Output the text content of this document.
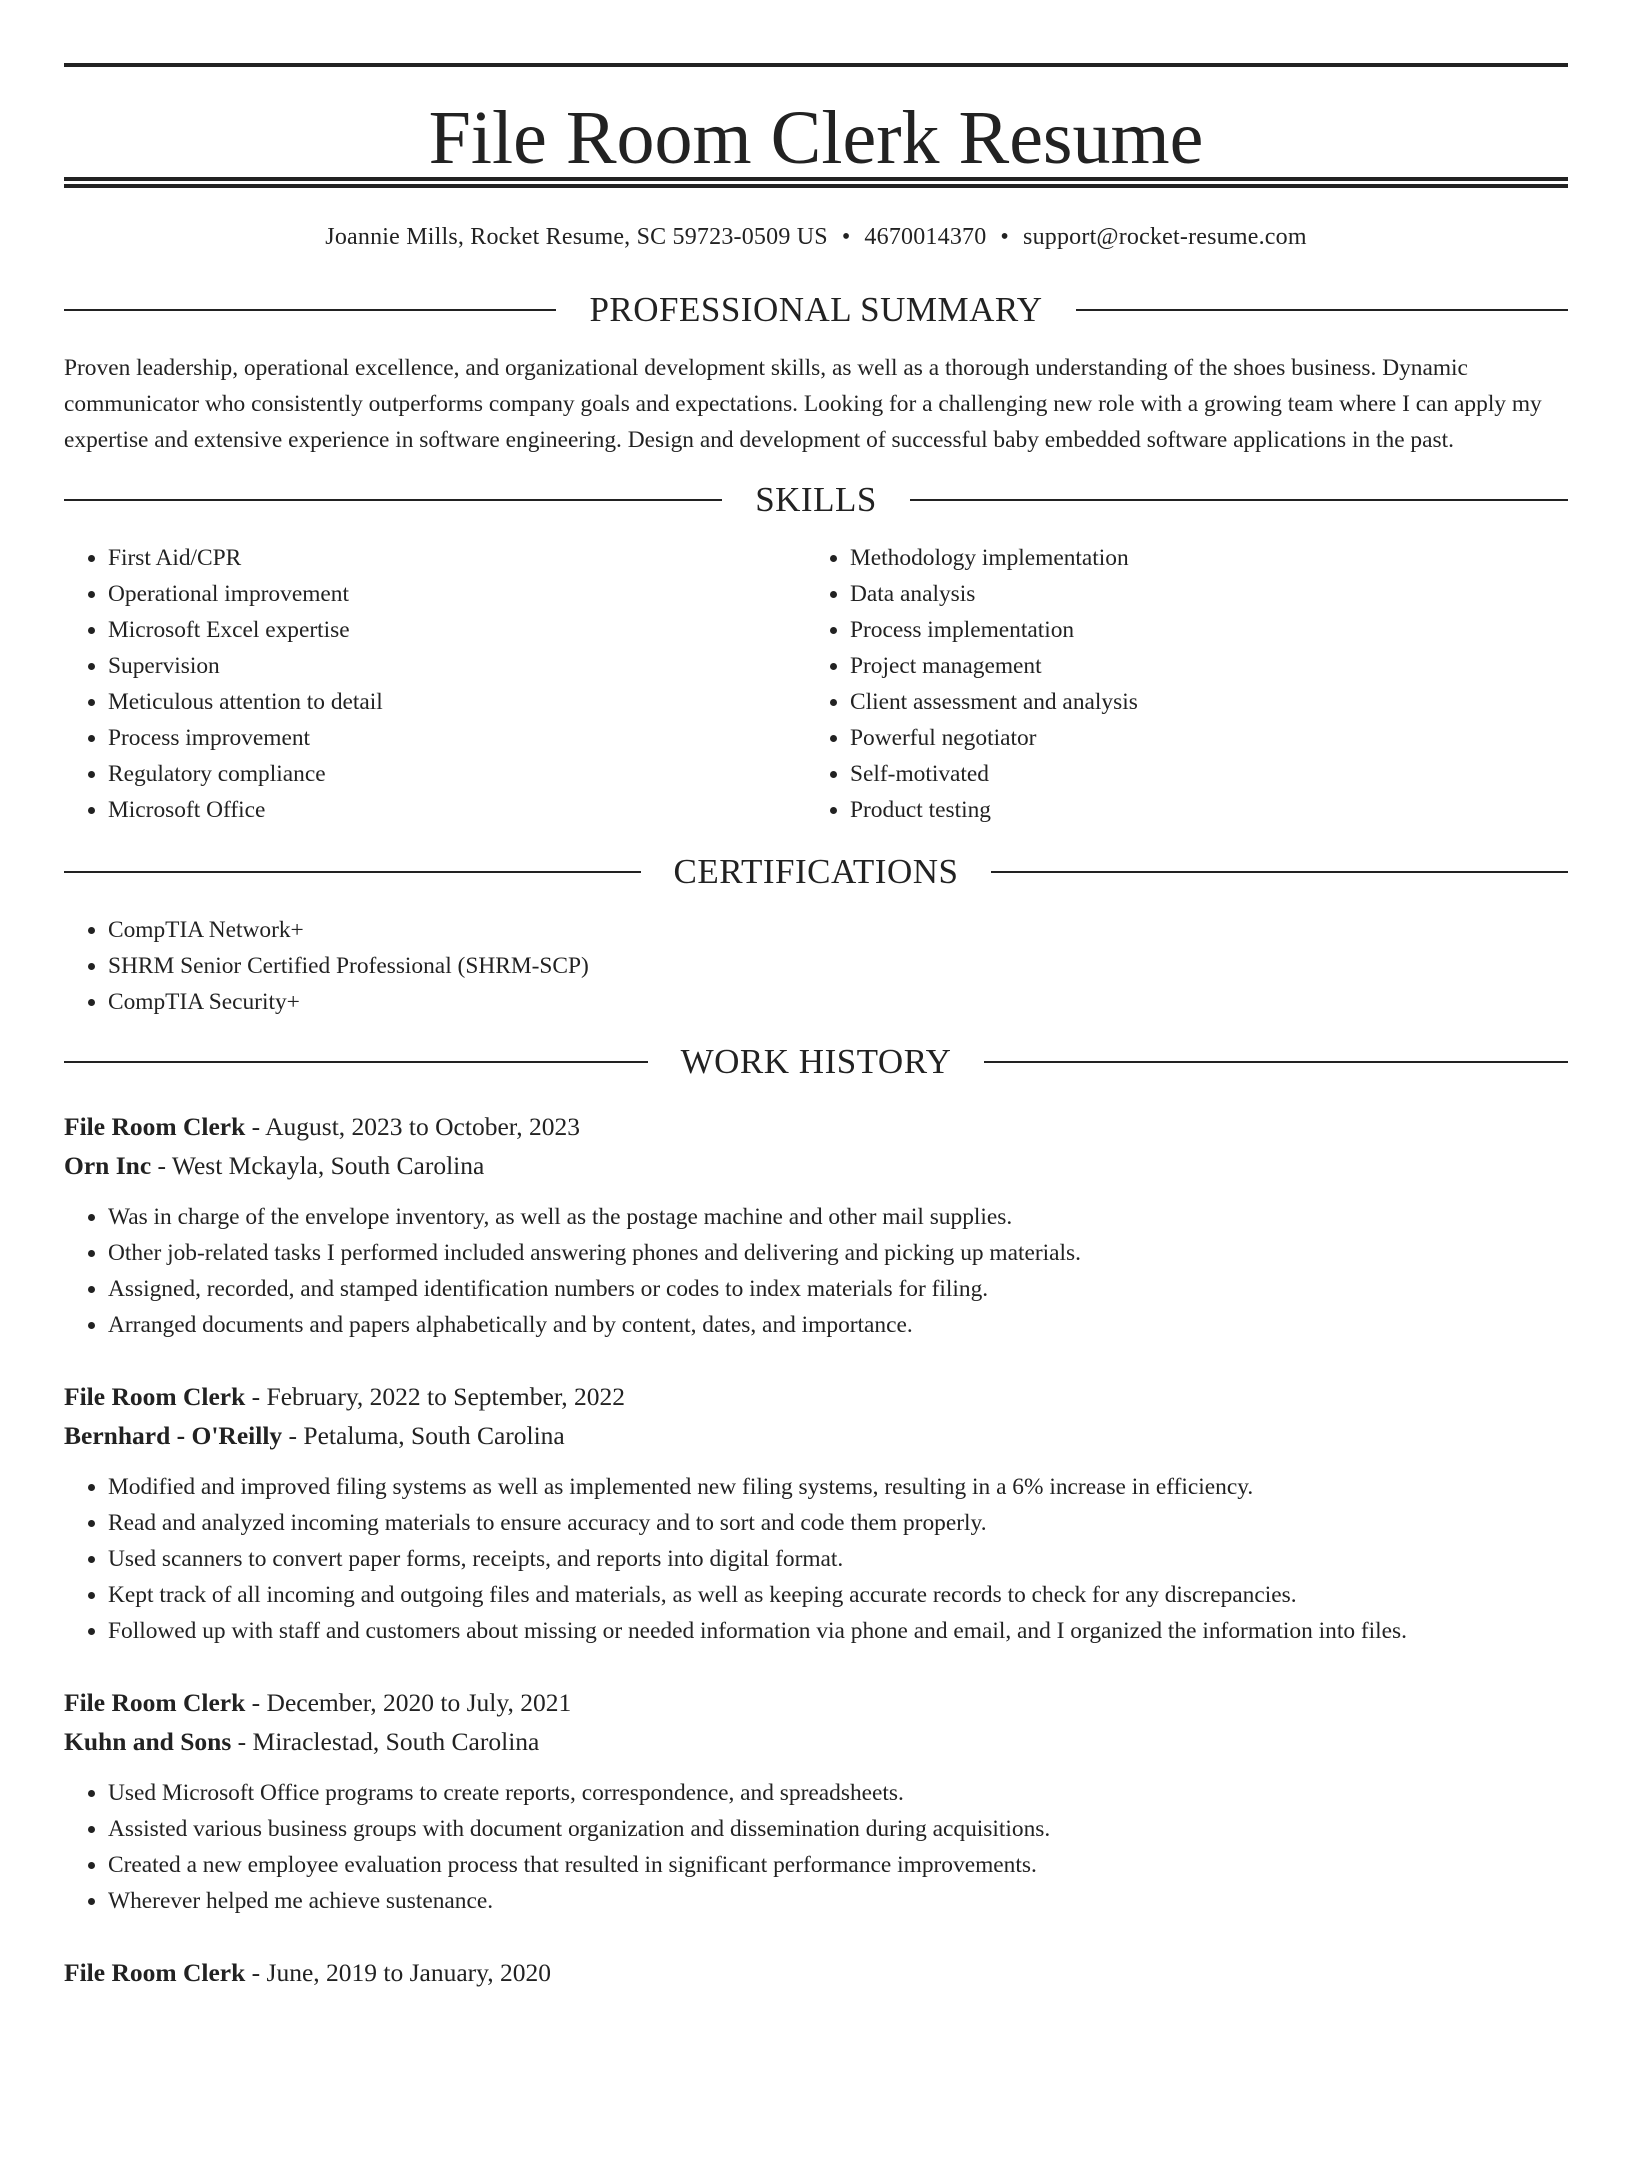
File Room Clerk Resume
Joannie Mills, Rocket Resume, SC 59723-0509 US • 4670014370 • support@rocket-resume.com
PROFESSIONAL SUMMARY

Proven leadership, operational excellence, and organizational development skills, as well as a thorough understanding of the shoes business. Dynamic communicator who consistently outperforms company goals and expectations. Looking for a challenging new role with a growing team where I can apply my expertise and extensive experience in software engineering. Design and development of successful baby embedded software applications in the past.

SKILLS
• First Aid/CPR
• Operational improvement
• Microsoft Excel expertise
• Supervision
• Meticulous attention to detail
• Process improvement
• Regulatory compliance
• Microsoft Office
• Methodology implementation
• Data analysis
• Process implementation
• Project management
• Client assessment and analysis
• Powerful negotiator
• Self-motivated
• Product testing
CERTIFICATIONS
• CompTIA Network+
• SHRM Senior Certified Professional (SHRM-SCP)
• CompTIA Security+
WORK HISTORY
File Room Clerk - August, 2023 to October, 2023
Orn Inc - West Mckayla, South Carolina
• Was in charge of the envelope inventory, as well as the postage machine and other mail supplies.
• Other job-related tasks I performed included answering phones and delivering and picking up materials.
• Assigned, recorded, and stamped identification numbers or codes to index materials for filing.
• Arranged documents and papers alphabetically and by content, dates, and importance.
File Room Clerk - February, 2022 to September, 2022
Bernhard - O'Reilly - Petaluma, South Carolina
• Modified and improved filing systems as well as implemented new filing systems, resulting in a 6% increase in efficiency.
• Read and analyzed incoming materials to ensure accuracy and to sort and code them properly.
• Used scanners to convert paper forms, receipts, and reports into digital format.
• Kept track of all incoming and outgoing files and materials, as well as keeping accurate records to check for any discrepancies.
• Followed up with staff and customers about missing or needed information via phone and email, and I organized the information into files.
File Room Clerk - December, 2020 to July, 2021
Kuhn and Sons - Miraclestad, South Carolina
• Used Microsoft Office programs to create reports, correspondence, and spreadsheets.
• Assisted various business groups with document organization and dissemination during acquisitions.
• Created a new employee evaluation process that resulted in significant performance improvements.
• Wherever helped me achieve sustenance.
File Room Clerk - June, 2019 to January, 2020
